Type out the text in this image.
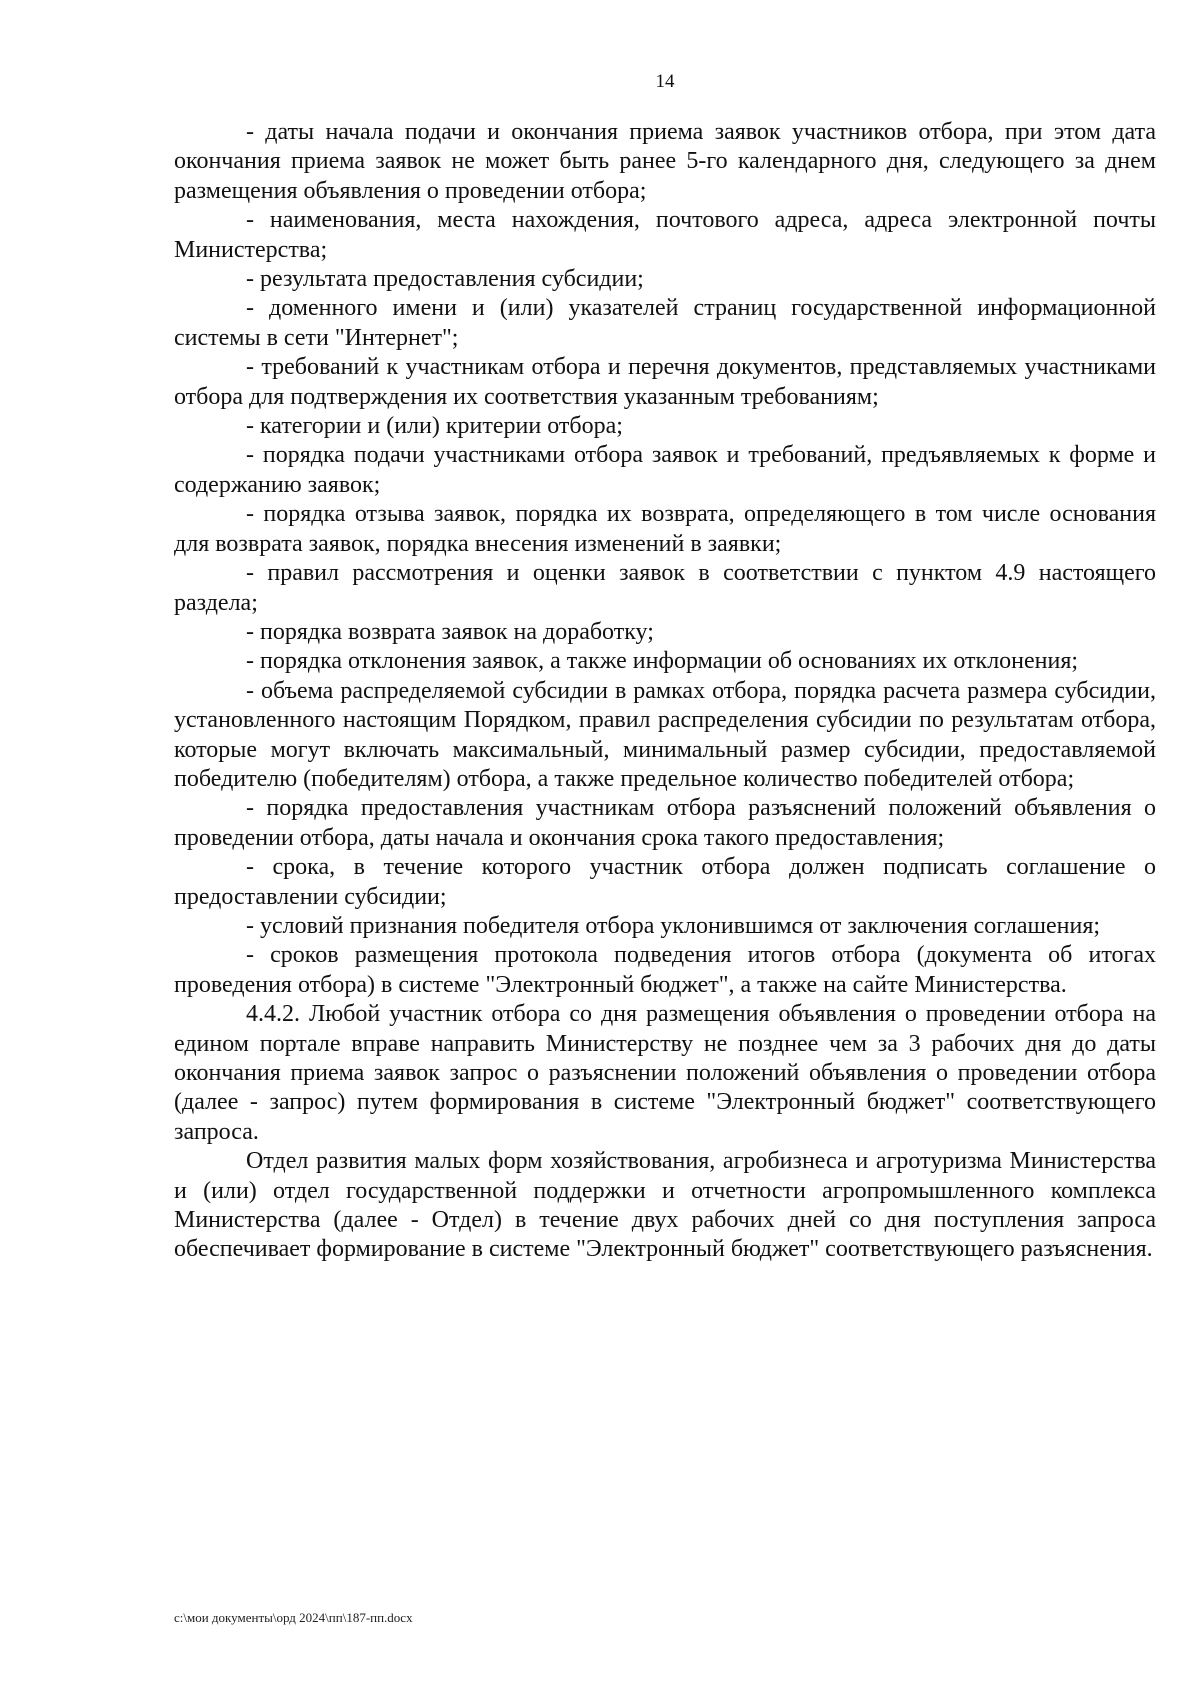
14

- даты начала подачи и окончания приема заявок участников отбора, при этом дата окончания приема заявок не может быть ранее 5-го календарного дня, следующего за днем размещения объявления о проведении отбора;

- наименования, места нахождения, почтового адреса, адреса электронной почты Министерства;

- результата предоставления субсидии;

- доменного имени и (или) указателей страниц государственной информационной системы в сети "Интернет";

- требований к участникам отбора и перечня документов, представляемых участниками отбора для подтверждения их соответствия указанным требованиям;

- категории и (или) критерии отбора;

- порядка подачи участниками отбора заявок и требований, предъявляемых к форме и содержанию заявок;

- порядка отзыва заявок, порядка их возврата, определяющего в том числе основания для возврата заявок, порядка внесения изменений в заявки;

- правил рассмотрения и оценки заявок в соответствии с пунктом 4.9 настоящего раздела;

- порядка возврата заявок на доработку;

- порядка отклонения заявок, а также информации об основаниях их отклонения;

- объема распределяемой субсидии в рамках отбора, порядка расчета размера субсидии, установленного настоящим Порядком, правил распределения субсидии по результатам отбора, которые могут включать максимальный, минимальный размер субсидии, предоставляемой победителю (победителям) отбора, а также предельное количество победителей отбора;

- порядка предоставления участникам отбора разъяснений положений объявления о проведении отбора, даты начала и окончания срока такого предоставления;

- срока, в течение которого участник отбора должен подписать соглашение о предоставлении субсидии;

- условий признания победителя отбора уклонившимся от заключения соглашения;

- сроков размещения протокола подведения итогов отбора (документа об итогах проведения отбора) в системе "Электронный бюджет", а также на сайте Министерства.

4.4.2. Любой участник отбора со дня размещения объявления о проведении отбора на едином портале вправе направить Министерству не позднее чем за 3 рабочих дня до даты окончания приема заявок запрос о разъяснении положений объявления о проведении отбора (далее - запрос) путем формирования в системе "Электронный бюджет" соответствующего запроса.

Отдел развития малых форм хозяйствования, агробизнеса и агротуризма Министерства и (или) отдел государственной поддержки и отчетности агропромышленного комплекса Министерства (далее - Отдел) в течение двух рабочих дней со дня поступления запроса обеспечивает формирование в системе "Электронный бюджет" соответствующего разъяснения.

c:\мои документы\орд 2024\пп\187-пп.docx
